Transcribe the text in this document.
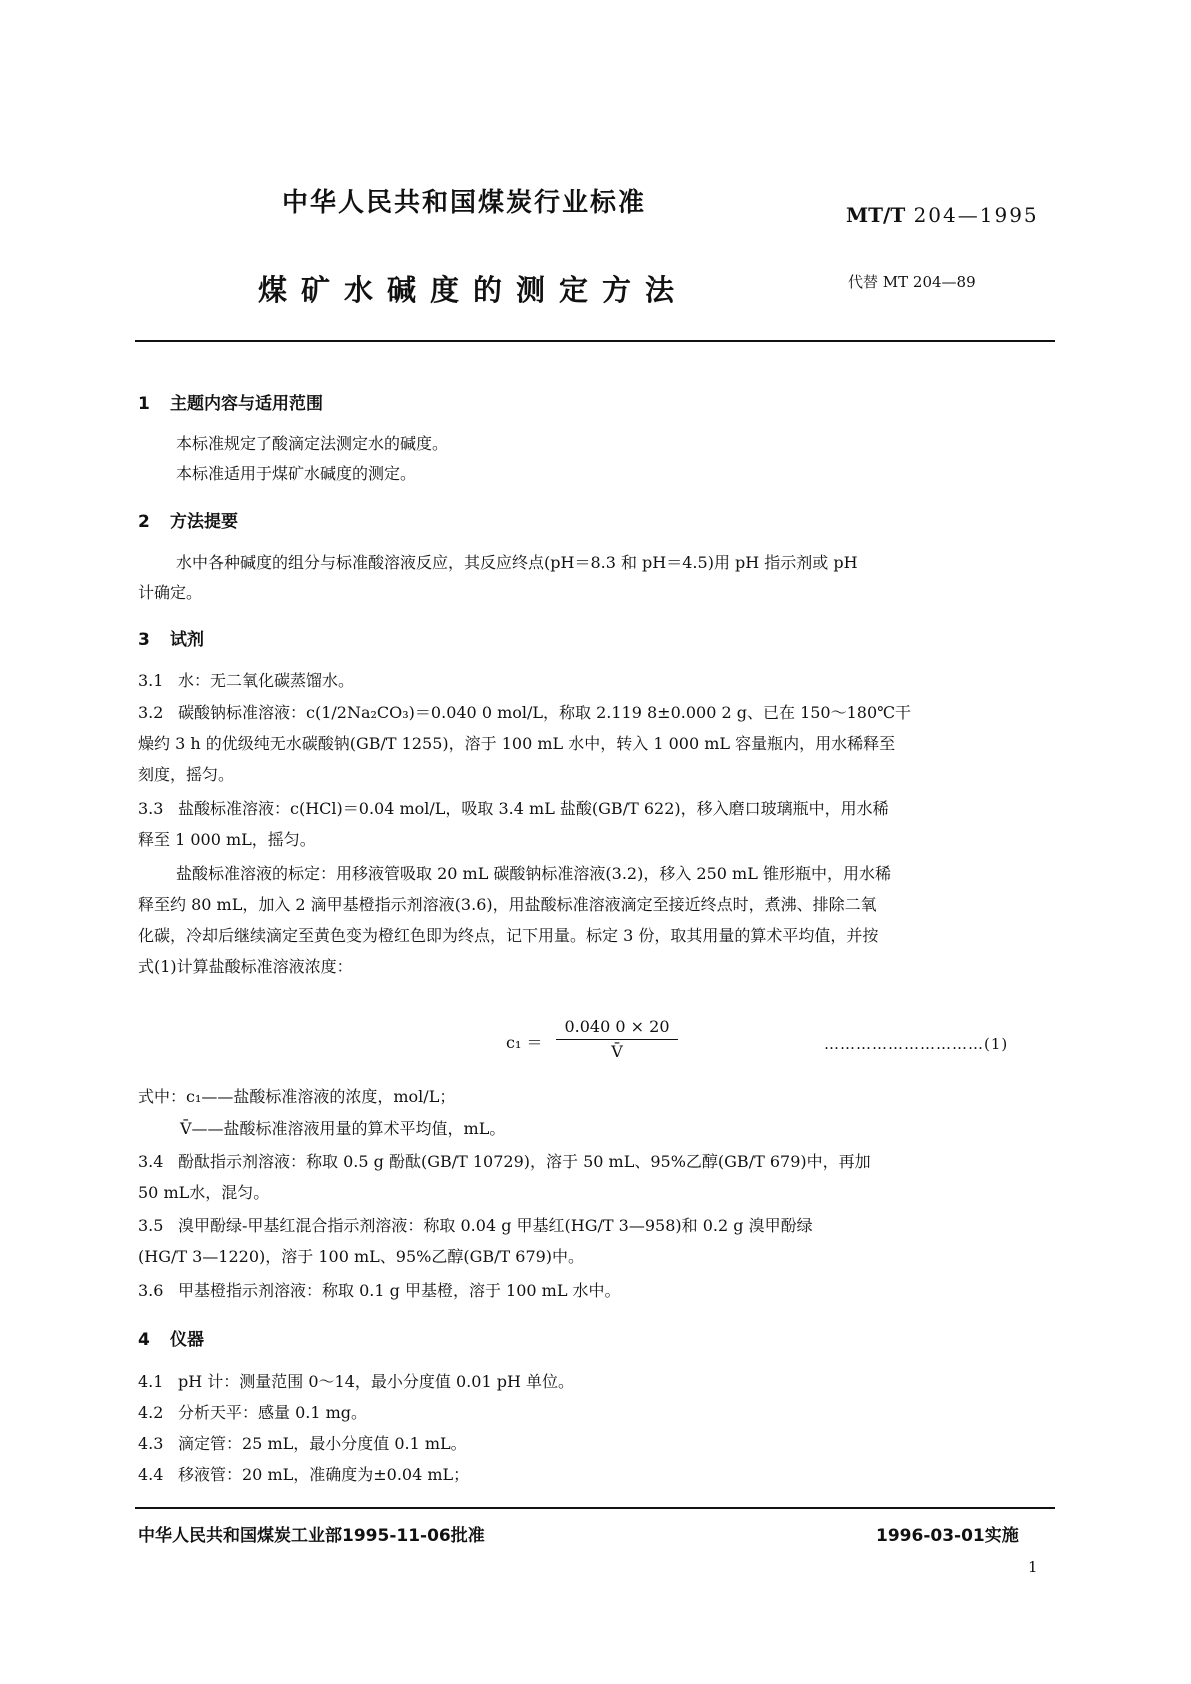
中华人民共和国煤炭行业标准	MT/T 204—1995
煤矿水碱度的测定方法	代替 MT 204—89
1 主题内容与适用范围
本标准规定了酸滴定法测定水的碱度。
本标准适用于煤矿水碱度的测定。
2 方法提要
水中各种碱度的组分与标准酸溶液反应，其反应终点(pH＝8.3 和 pH＝4.5)用 pH 指示剂或 pH
计确定。
3 试剂
3.1 水：无二氧化碳蒸馏水。
3.2 碳酸钠标准溶液：c(1/2Na₂CO₃)＝0.040 0 mol/L，称取 2.119 8±0.000 2 g、已在 150～180℃干
燥约 3 h 的优级纯无水碳酸钠(GB/T 1255)，溶于 100 mL 水中，转入 1 000 mL 容量瓶内，用水稀释至
刻度，摇匀。
3.3 盐酸标准溶液：c(HCl)＝0.04 mol/L，吸取 3.4 mL 盐酸(GB/T 622)，移入磨口玻璃瓶中，用水稀
释至 1 000 mL，摇匀。
盐酸标准溶液的标定：用移液管吸取 20 mL 碳酸钠标准溶液(3.2)，移入 250 mL 锥形瓶中，用水稀
释至约 80 mL，加入 2 滴甲基橙指示剂溶液(3.6)，用盐酸标准溶液滴定至接近终点时，煮沸、排除二氧
化碳，冷却后继续滴定至黄色变为橙红色即为终点，记下用量。标定 3 份，取其用量的算术平均值，并按
式(1)计算盐酸标准溶液浓度：
c₁ ＝
0.040 0 × 20
V̄	…………………………(1)
式中：c₁——盐酸标准溶液的浓度，mol/L；
V̄——盐酸标准溶液用量的算术平均值，mL。
3.4 酚酞指示剂溶液：称取 0.5 g 酚酞(GB/T 10729)，溶于 50 mL、95%乙醇(GB/T 679)中，再加
50 mL水，混匀。
3.5 溴甲酚绿-甲基红混合指示剂溶液：称取 0.04 g 甲基红(HG/T 3—958)和 0.2 g 溴甲酚绿
(HG/T 3—1220)，溶于 100 mL、95%乙醇(GB/T 679)中。
3.6 甲基橙指示剂溶液：称取 0.1 g 甲基橙，溶于 100 mL 水中。
4 仪器
4.1 pH 计：测量范围 0～14，最小分度值 0.01 pH 单位。
4.2 分析天平：感量 0.1 mg。
4.3 滴定管：25 mL，最小分度值 0.1 mL。
4.4 移液管：20 mL，准确度为±0.04 mL；
中华人民共和国煤炭工业部1995-11-06批准	1996-03-01实施
1
